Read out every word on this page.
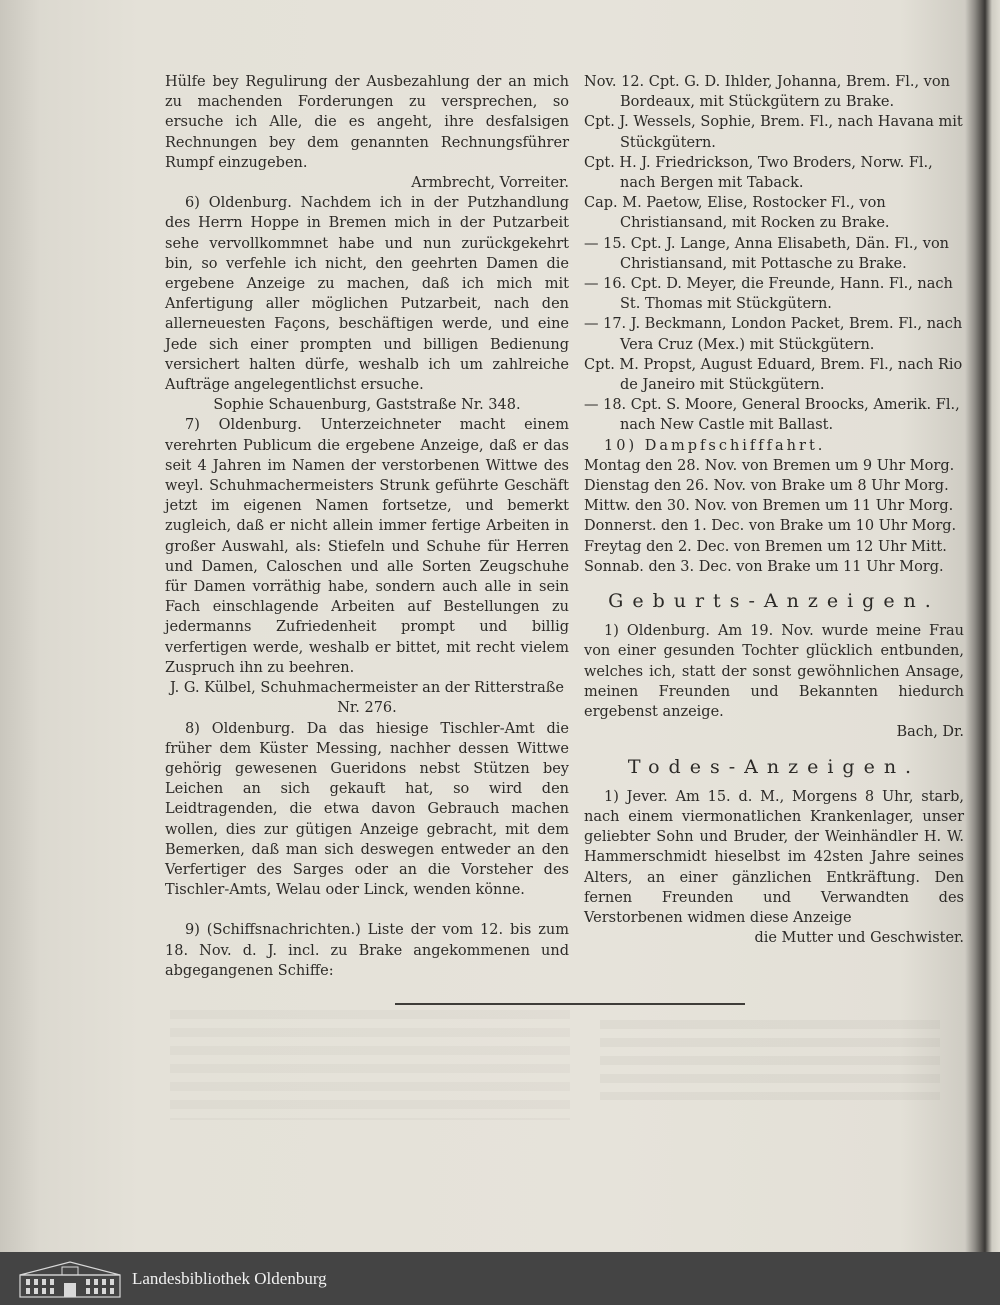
Hülfe bey Regulirung der Ausbezahlung der an mich zu machenden Forderungen zu versprechen, so ersuche ich Alle, die es angeht, ihre desfalsigen Rechnungen bey dem genannten Rechnungsführer Rumpf einzugeben.

Armbrecht, Vorreiter.

6) Oldenburg. Nachdem ich in der Putzhandlung des Herrn Hoppe in Bremen mich in der Putzarbeit sehe vervollkommnet habe und nun zurückgekehrt bin, so verfehle ich nicht, den geehrten Damen die ergebene Anzeige zu machen, daß ich mich mit Anfertigung aller möglichen Putzarbeit, nach den allerneuesten Façons, beschäftigen werde, und eine Jede sich einer prompten und billigen Bedienung versichert halten dürfe, weshalb ich um zahlreiche Aufträge angelegentlichst ersuche.

Sophie Schauenburg, Gaststraße Nr. 348.

7) Oldenburg. Unterzeichneter macht einem verehrten Publicum die ergebene Anzeige, daß er das seit 4 Jahren im Namen der verstorbenen Wittwe des weyl. Schuhmachermeisters Strunk geführte Geschäft jetzt im eigenen Namen fortsetze, und bemerkt zugleich, daß er nicht allein immer fertige Arbeiten in großer Auswahl, als: Stiefeln und Schuhe für Herren und Damen, Caloschen und alle Sorten Zeugschuhe für Damen vorräthig habe, sondern auch alle in sein Fach einschlagende Arbeiten auf Bestellungen zu jedermanns Zufriedenheit prompt und billig verfertigen werde, weshalb er bittet, mit recht vielem Zuspruch ihn zu beehren.

J. G. Külbel, Schuhmachermeister an der Ritterstraße Nr. 276.

8) Oldenburg. Da das hiesige Tischler-Amt die früher dem Küster Messing, nachher dessen Wittwe gehörig gewesenen Gueridons nebst Stützen bey Leichen an sich gekauft hat, so wird den Leidtragenden, die etwa davon Gebrauch machen wollen, dies zur gütigen Anzeige gebracht, mit dem Bemerken, daß man sich deswegen entweder an den Verfertiger des Sarges oder an die Vorsteher des Tischler-Amts, Welau oder Linck, wenden könne.

9) (Schiffsnachrichten.) Liste der vom 12. bis zum 18. Nov. d. J. incl. zu Brake angekommenen und abgegangenen Schiffe:

Nov. 12. Cpt. G. D. Ihlder, Johanna, Brem. Fl., von Bordeaux, mit Stückgütern zu Brake.

Cpt. J. Wessels, Sophie, Brem. Fl., nach Havana mit Stückgütern.

Cpt. H. J. Friedrickson, Two Broders, Norw. Fl., nach Bergen mit Taback.

Cap. M. Paetow, Elise, Rostocker Fl., von Christiansand, mit Rocken zu Brake.

— 15. Cpt. J. Lange, Anna Elisabeth, Dän. Fl., von Christiansand, mit Pottasche zu Brake.

— 16. Cpt. D. Meyer, die Freunde, Hann. Fl., nach St. Thomas mit Stückgütern.

— 17. J. Beckmann, London Packet, Brem. Fl., nach Vera Cruz (Mex.) mit Stückgütern.

Cpt. M. Propst, August Eduard, Brem. Fl., nach Rio de Janeiro mit Stückgütern.

— 18. Cpt. S. Moore, General Broocks, Amerik. Fl., nach New Castle mit Ballast.

10) Dampfschifffahrt.

Montag den 28. Nov. von Bremen um 9 Uhr Morg.

Dienstag den 26. Nov. von Brake um 8 Uhr Morg.

Mittw. den 30. Nov. von Bremen um 11 Uhr Morg.

Donnerst. den 1. Dec. von Brake um 10 Uhr Morg.

Freytag den 2. Dec. von Bremen um 12 Uhr Mitt.

Sonnab. den 3. Dec. von Brake um 11 Uhr Morg.

Geburts-Anzeigen.

1) Oldenburg. Am 19. Nov. wurde meine Frau von einer gesunden Tochter glücklich entbunden, welches ich, statt der sonst gewöhnlichen Ansage, meinen Freunden und Bekannten hiedurch ergebenst anzeige.

Bach, Dr.

Todes-Anzeigen.

1) Jever. Am 15. d. M., Morgens 8 Uhr, starb, nach einem viermonatlichen Krankenlager, unser geliebter Sohn und Bruder, der Weinhändler H. W. Hammerschmidt hieselbst im 42sten Jahre seines Alters, an einer gänzlichen Entkräftung. Den fernen Freunden und Verwandten des Verstorbenen widmen diese Anzeige

die Mutter und Geschwister.

Landesbibliothek Oldenburg
